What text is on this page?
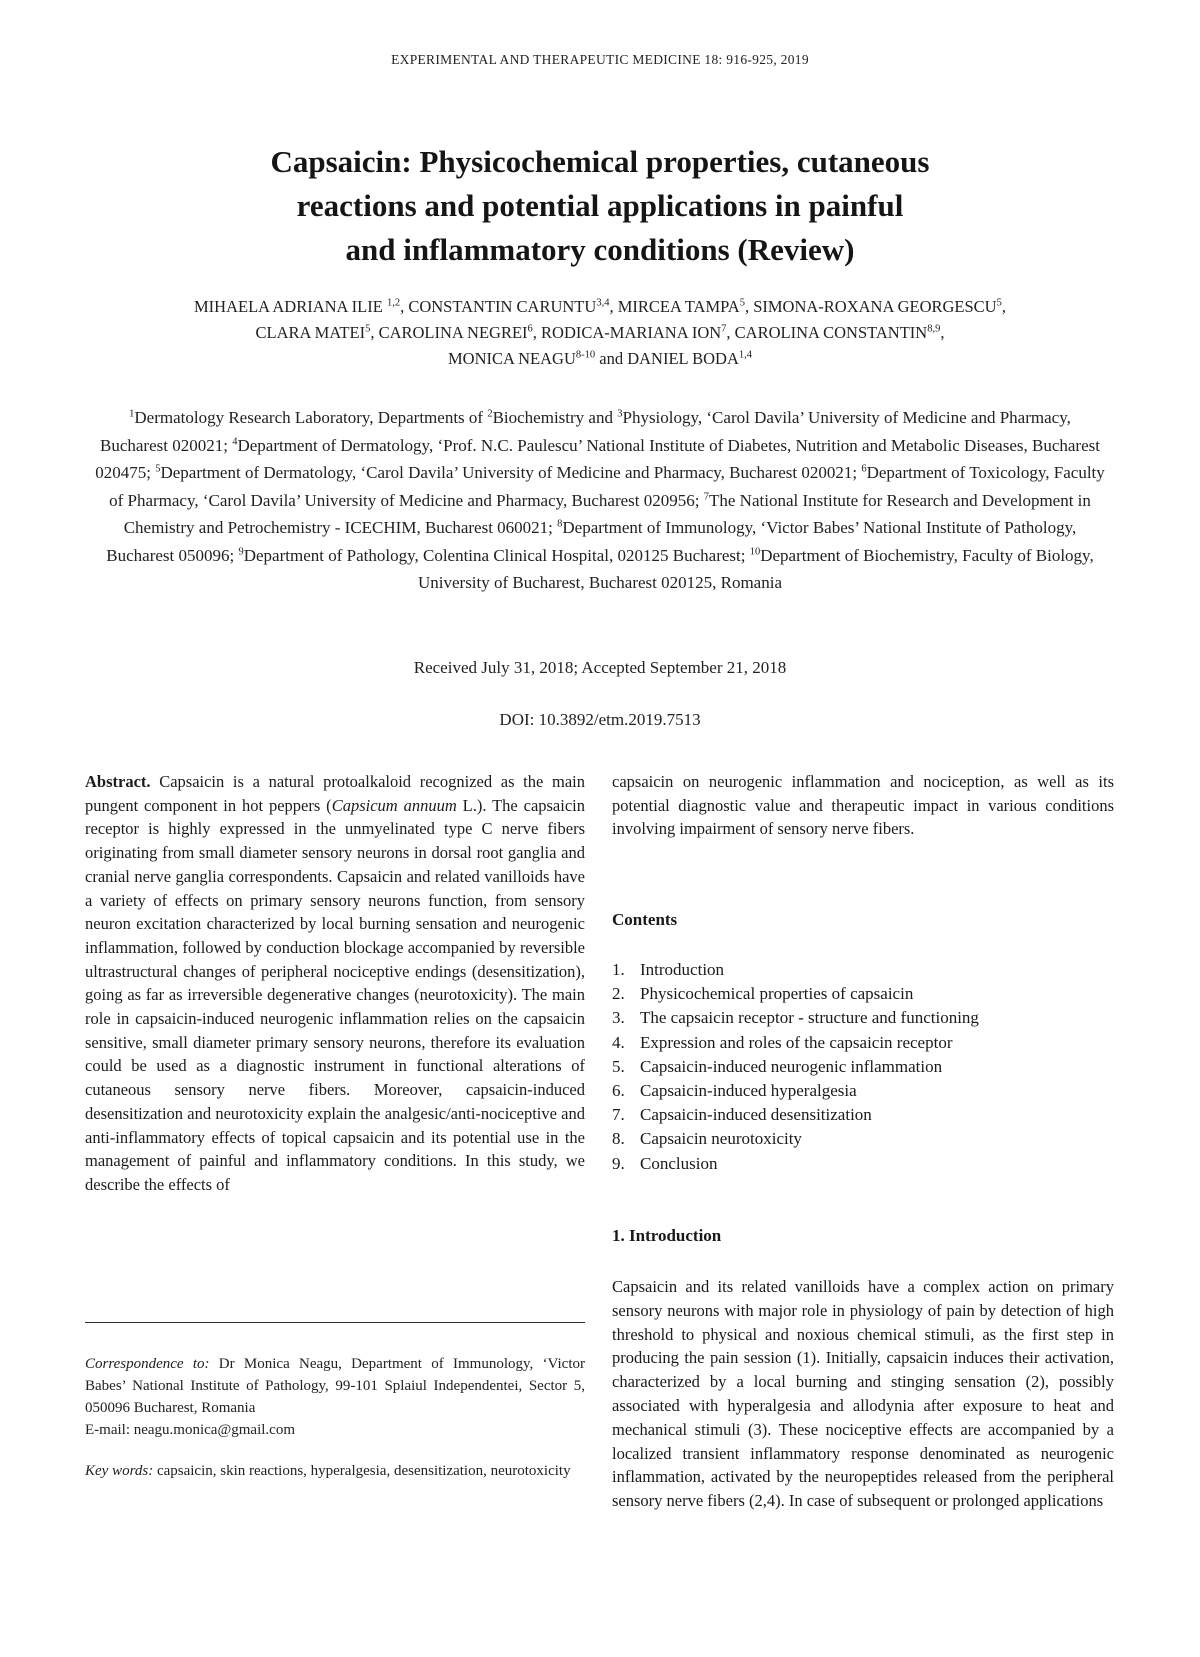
EXPERIMENTAL AND THERAPEUTIC MEDICINE 18: 916-925, 2019
Capsaicin: Physicochemical properties, cutaneous
reactions and potential applications in painful
and inflammatory conditions (Review)
MIHAELA ADRIANA ILIE $^{1,2}$, CONSTANTIN CARUNTU$^{3,4}$, MIRCEA TAMPA$^5$, SIMONA-ROXANA GEORGESCU$^5$,
CLARA MATEI$^5$, CAROLINA NEGREI$^6$, RODICA-MARIANA ION$^7$, CAROLINA CONSTANTIN$^{8,9}$,
MONICA NEAGU$^{8-10}$ and DANIEL BODA$^{1,4}$
$^1$Dermatology Research Laboratory, Departments of $^2$Biochemistry and $^3$Physiology, ‘Carol Davila’ University of Medicine and Pharmacy, Bucharest 020021; $^4$Department of Dermatology, ‘Prof. N.C. Paulescu’ National Institute of Diabetes, Nutrition and Metabolic Diseases, Bucharest 020475; $^5$Department of Dermatology, ‘Carol Davila’ University of Medicine and Pharmacy, Bucharest 020021; $^6$Department of Toxicology, Faculty of Pharmacy, ‘Carol Davila’ University of Medicine and Pharmacy, Bucharest 020956; $^7$The National Institute for Research and Development in Chemistry and Petrochemistry - ICECHIM, Bucharest 060021; $^8$Department of Immunology, ‘Victor Babes’ National Institute of Pathology, Bucharest 050096; $^9$Department of Pathology, Colentina Clinical Hospital, 020125 Bucharest; $^{10}$Department of Biochemistry, Faculty of Biology, University of Bucharest, Bucharest 020125, Romania
Received July 31, 2018; Accepted September 21, 2018
DOI: 10.3892/etm.2019.7513

Abstract. Capsaicin is a natural protoalkaloid recognized as the main pungent component in hot peppers (Capsicum annuum L.). The capsaicin receptor is highly expressed in the unmyelinated type C nerve fibers originating from small diameter sensory neurons in dorsal root ganglia and cranial nerve ganglia correspondents. Capsaicin and related vanilloids have a variety of effects on primary sensory neurons function, from sensory neuron excitation characterized by local burning sensation and neurogenic inflammation, followed by conduction blockage accompanied by reversible ultrastructural changes of peripheral nociceptive endings (desensitization), going as far as irreversible degenerative changes (neurotoxicity). The main role in capsaicin-induced neurogenic inflammation relies on the capsaicin sensitive, small diameter primary sensory neurons, therefore its evaluation could be used as a diagnostic instrument in functional alterations of cutaneous sensory nerve fibers. Moreover, capsaicin-induced desensitization and neurotoxicity explain the analgesic/anti-nociceptive and anti-inflammatory effects of topical capsaicin and its potential use in the management of painful and inflammatory conditions. In this study, we describe the effects of

Correspondence to: Dr Monica Neagu, Department of Immunology, ‘Victor Babes’ National Institute of Pathology, 99-101 Splaiul Independentei, Sector 5, 050096 Bucharest, Romania
E-mail: neagu.monica@gmail.com
Key words: capsaicin, skin reactions, hyperalgesia, desensitization, neurotoxicity

capsaicin on neurogenic inflammation and nociception, as well as its potential diagnostic value and therapeutic impact in various conditions involving impairment of sensory nerve fibers.

Contents
1. Introduction
2. Physicochemical properties of capsaicin
3. The capsaicin receptor - structure and functioning
4. Expression and roles of the capsaicin receptor
5. Capsaicin-induced neurogenic inflammation
6. Capsaicin-induced hyperalgesia
7. Capsaicin-induced desensitization
8. Capsaicin neurotoxicity
9. Conclusion
1. Introduction

Capsaicin and its related vanilloids have a complex action on primary sensory neurons with major role in physiology of pain by detection of high threshold to physical and noxious chemical stimuli, as the first step in producing the pain session (1). Initially, capsaicin induces their activation, characterized by a local burning and stinging sensation (2), possibly associated with hyperalgesia and allodynia after exposure to heat and mechanical stimuli (3). These nociceptive effects are accompanied by a localized transient inflammatory response denominated as neurogenic inflammation, activated by the neuropeptides released from the peripheral sensory nerve fibers (2,4). In case of subsequent or prolonged applications
